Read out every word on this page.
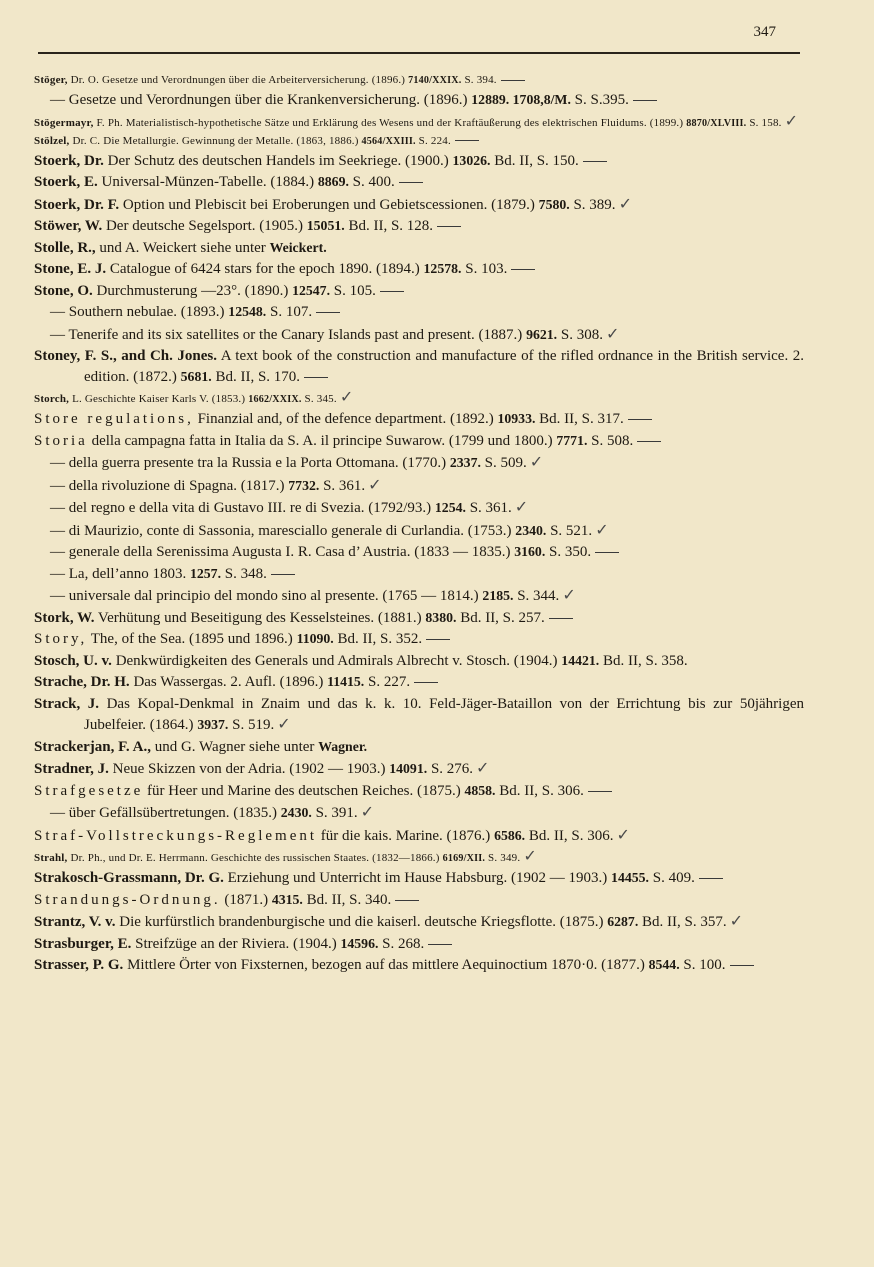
347
Stöger, Dr. O. Gesetze und Verordnungen über die Arbeiterversicherung. (1896.) 7140/XXIX. S. 394.
— Gesetze und Verordnungen über die Krankenversicherung. (1896.) 12889. 1708,8/M. S. S.395.
Stögermayr, F. Ph. Materialistisch-hypothetische Sätze und Erklärung des Wesens und der Kraftäußerung des elektrischen Fluidums. (1899.) 8870/XLVIII. S. 158. ✓
Stölzel, Dr. C. Die Metallurgie. Gewinnung der Metalle. (1863, 1886.) 4564/XXIII. S. 224.
Stoerk, Dr. Der Schutz des deutschen Handels im Seekriege. (1900.) 13026. Bd. II, S. 150.
Stoerk, E. Universal-Münzen-Tabelle. (1884.) 8869. S. 400.
Stoerk, Dr. F. Option und Plebiscit bei Eroberungen und Gebietscessionen. (1879.) 7580. S. 389. ✓
Stöwer, W. Der deutsche Segelsport. (1905.) 15051. Bd. II, S. 128.
Stolle, R., und A. Weickert siehe unter Weickert.
Stone, E. J. Catalogue of 6424 stars for the epoch 1890. (1894.) 12578. S. 103.
Stone, O. Durchmusterung —23°. (1890.) 12547. S. 105.
— Southern nebulae. (1893.) 12548. S. 107.
— Tenerife and its six satellites or the Canary Islands past and present. (1887.) 9621. S. 308. ✓
Stoney, F. S., and Ch. Jones. A text book of the construction and manufacture of the rifled ordnance in the British service. 2. edition. (1872.) 5681. Bd. II, S. 170.
Storch, L. Geschichte Kaiser Karls V. (1853.) 1662/XXIX. S. 345. ✓
Store regulations, Finanzial and, of the defence department. (1892.) 10933. Bd. II, S. 317.
Storia della campagna fatta in Italia da S. A. il principe Suwarow. (1799 und 1800.) 7771. S. 508.
— della guerra presente tra la Russia e la Porta Ottomana. (1770.) 2337. S. 509. ✓
— della rivoluzione di Spagna. (1817.) 7732. S. 361. ✓
— del regno e della vita di Gustavo III. re di Svezia. (1792/93.) 1254. S. 361. ✓
— di Maurizio, conte di Sassonia, maresciallo generale di Curlandia. (1753.) 2340. S. 521. ✓
— generale della Serenissima Augusta I. R. Casa d’ Austria. (1833 — 1835.) 3160. S. 350.
— La, dell’anno 1803. 1257. S. 348.
— universale dal principio del mondo sino al presente. (1765 — 1814.) 2185. S. 344. ✓
Stork, W. Verhütung und Beseitigung des Kesselsteines. (1881.) 8380. Bd. II, S. 257.
Story, The, of the Sea. (1895 und 1896.) 11090. Bd. II, S. 352.
Stosch, U. v. Denkwürdigkeiten des Generals und Admirals Albrecht v. Stosch. (1904.) 14421. Bd. II, S. 358.
Strache, Dr. H. Das Wassergas. 2. Aufl. (1896.) 11415. S. 227.
Strack, J. Das Kopal-Denkmal in Znaim und das k. k. 10. Feld-Jäger-Bataillon von der Errichtung bis zur 50jährigen Jubelfeier. (1864.) 3937. S. 519. ✓
Strackerjan, F. A., und G. Wagner siehe unter Wagner.
Stradner, J. Neue Skizzen von der Adria. (1902 — 1903.) 14091. S. 276. ✓
Strafgesetze für Heer und Marine des deutschen Reiches. (1875.) 4858. Bd. II, S. 306.
— über Gefällsübertretungen. (1835.) 2430. S. 391. ✓
Straf-Vollstreckungs-Reglement für die kais. Marine. (1876.) 6586. Bd. II, S. 306. ✓
Strahl, Dr. Ph., und Dr. E. Herrmann. Geschichte des russischen Staates. (1832—1866.) 6169/XII. S. 349. ✓
Strakosch-Grassmann, Dr. G. Erziehung und Unterricht im Hause Habsburg. (1902 — 1903.) 14455. S. 409.
Strandungs-Ordnung. (1871.) 4315. Bd. II, S. 340.
Strantz, V. v. Die kurfürstlich brandenburgische und die kaiserl. deutsche Kriegsflotte. (1875.) 6287. Bd. II, S. 357. ✓
Strasburger, E. Streifzüge an der Riviera. (1904.) 14596. S. 268.
Strasser, P. G. Mittlere Örter von Fixsternen, bezogen auf das mittlere Aequinoctium 1870·0. (1877.) 8544. S. 100.
